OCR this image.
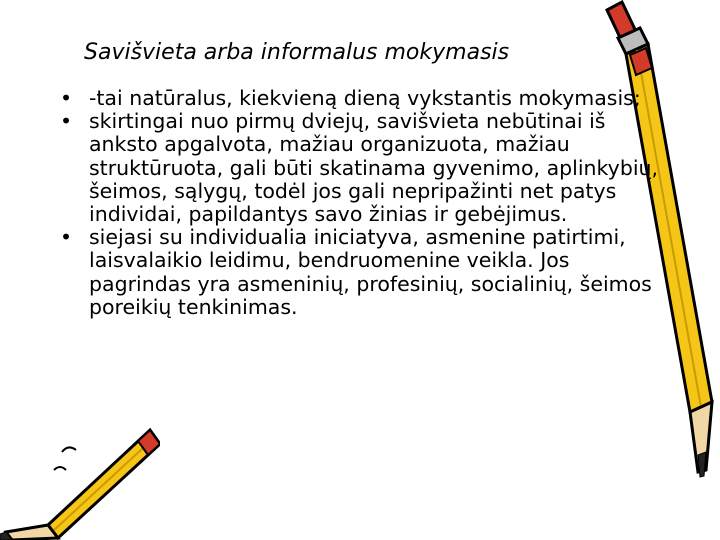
Savišvieta arba informalus mokymasis
• -tai natūralus, kiekvieną dieną vykstantis mokymasis;
• skirtingai nuo pirmų dviejų, savišvieta nebūtinai iš anksto apgalvota, mažiau organizuota, mažiau struktūruota, gali būti skatinama gyvenimo, aplinkybių, šeimos, sąlygų, todėl jos gali nepripažinti net patys individai, papildantys savo žinias ir gebėjimus.
• siejasi su individualia iniciatyva, asmenine patirtimi, laisvalaikio leidimu, bendruomenine veikla. Jos pagrindas yra asmeninių, profesinių, socialinių, šeimos poreikių tenkinimas.
